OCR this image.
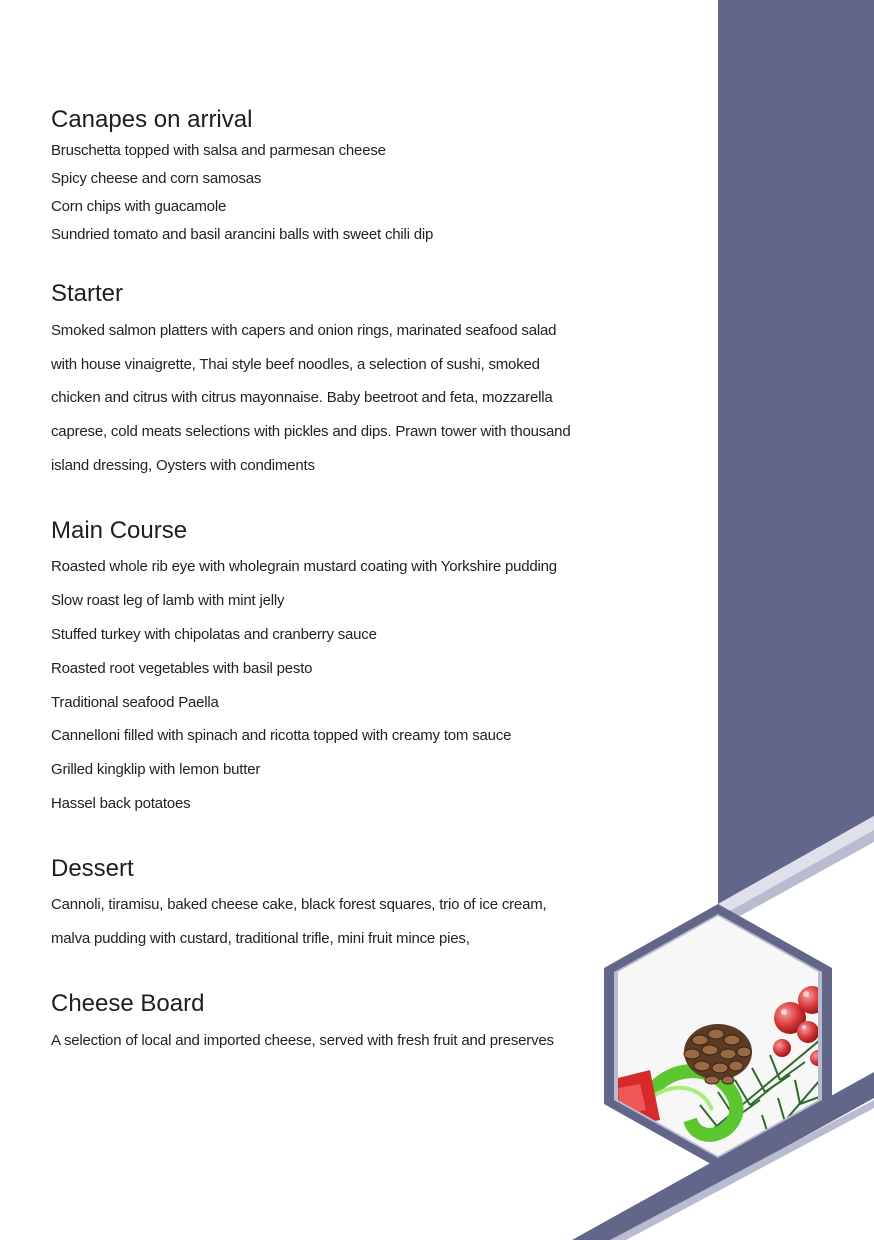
Canapes on arrival

Bruschetta topped with salsa and parmesan cheese

Spicy cheese and corn samosas

Corn chips with guacamole

Sundried tomato and basil arancini balls with sweet chili dip

Starter

Smoked salmon platters with capers and onion rings, marinated seafood salad

with house vinaigrette, Thai style beef noodles, a selection of sushi, smoked

chicken and citrus with citrus mayonnaise. Baby beetroot and feta, mozzarella

caprese, cold meats selections with pickles and dips. Prawn tower with thousand

island dressing, Oysters with condiments

Main Course

Roasted whole rib eye with wholegrain mustard coating with Yorkshire pudding

Slow roast leg of lamb with mint jelly

Stuffed turkey with chipolatas and cranberry sauce

Roasted root vegetables with basil pesto

Traditional seafood Paella

Cannelloni filled with spinach and ricotta topped with creamy tom sauce

Grilled kingklip with lemon butter

Hassel back potatoes

Dessert

Cannoli, tiramisu, baked cheese cake, black forest squares, trio of ice cream,

malva pudding with custard, traditional trifle, mini fruit mince pies,

Cheese Board

A selection of local and imported cheese, served with fresh fruit and preserves
